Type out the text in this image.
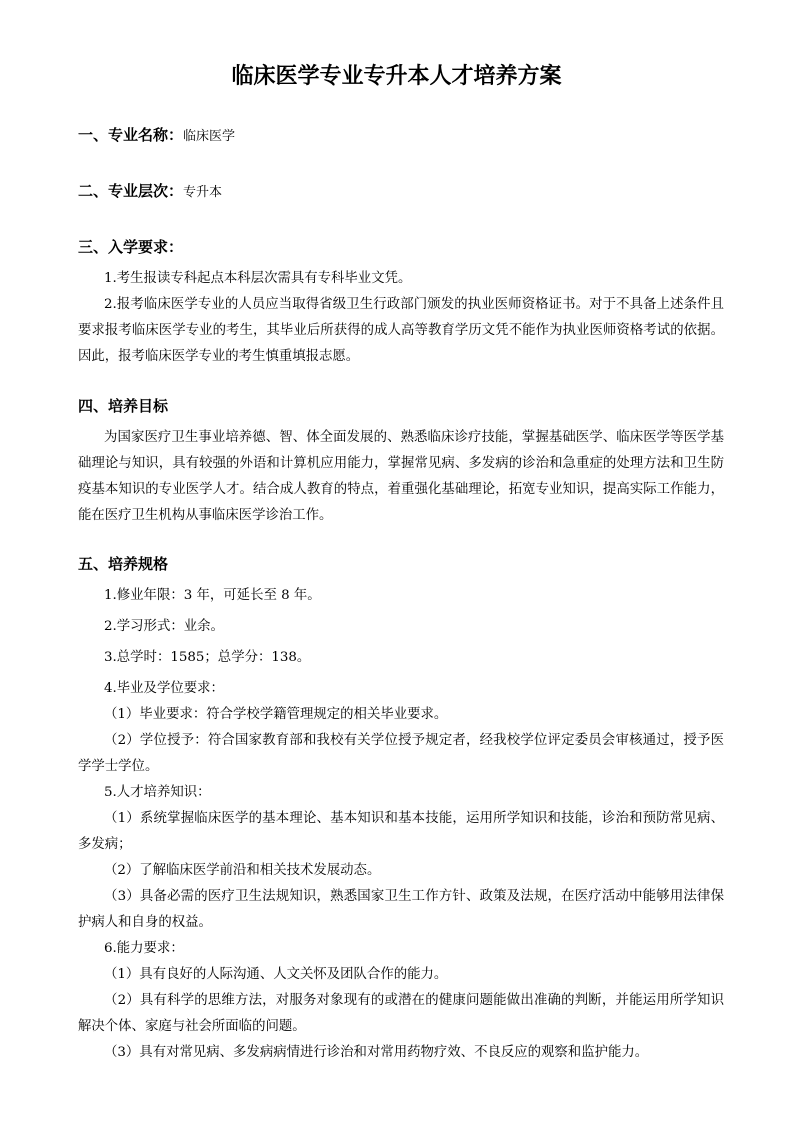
临床医学专业专升本人才培养方案

一、专业名称：临床医学

二、专业层次：专升本

三、入学要求：

1.考生报读专科起点本科层次需具有专科毕业文凭。

2.报考临床医学专业的人员应当取得省级卫生行政部门颁发的执业医师资格证书。对于不具备上述条件且要求报考临床医学专业的考生，其毕业后所获得的成人高等教育学历文凭不能作为执业医师资格考试的依据。因此，报考临床医学专业的考生慎重填报志愿。

四、培养目标

为国家医疗卫生事业培养德、智、体全面发展的、熟悉临床诊疗技能，掌握基础医学、临床医学等医学基础理论与知识，具有较强的外语和计算机应用能力，掌握常见病、多发病的诊治和急重症的处理方法和卫生防疫基本知识的专业医学人才。结合成人教育的特点，着重强化基础理论，拓宽专业知识，提高实际工作能力，能在医疗卫生机构从事临床医学诊治工作。

五、培养规格

1.修业年限：3 年，可延长至 8 年。

2.学习形式：业余。

3.总学时：1585；总学分：138。

4.毕业及学位要求：

（1）毕业要求：符合学校学籍管理规定的相关毕业要求。

（2）学位授予：符合国家教育部和我校有关学位授予规定者，经我校学位评定委员会审核通过，授予医学学士学位。

5.人才培养知识：

（1）系统掌握临床医学的基本理论、基本知识和基本技能，运用所学知识和技能，诊治和预防常见病、多发病；

（2）了解临床医学前沿和相关技术发展动态。

（3）具备必需的医疗卫生法规知识，熟悉国家卫生工作方针、政策及法规，在医疗活动中能够用法律保护病人和自身的权益。

6.能力要求：

（1）具有良好的人际沟通、人文关怀及团队合作的能力。

（2）具有科学的思维方法，对服务对象现有的或潜在的健康问题能做出准确的判断，并能运用所学知识解决个体、家庭与社会所面临的问题。

（3）具有对常见病、多发病病情进行诊治和对常用药物疗效、不良反应的观察和监护能力。
